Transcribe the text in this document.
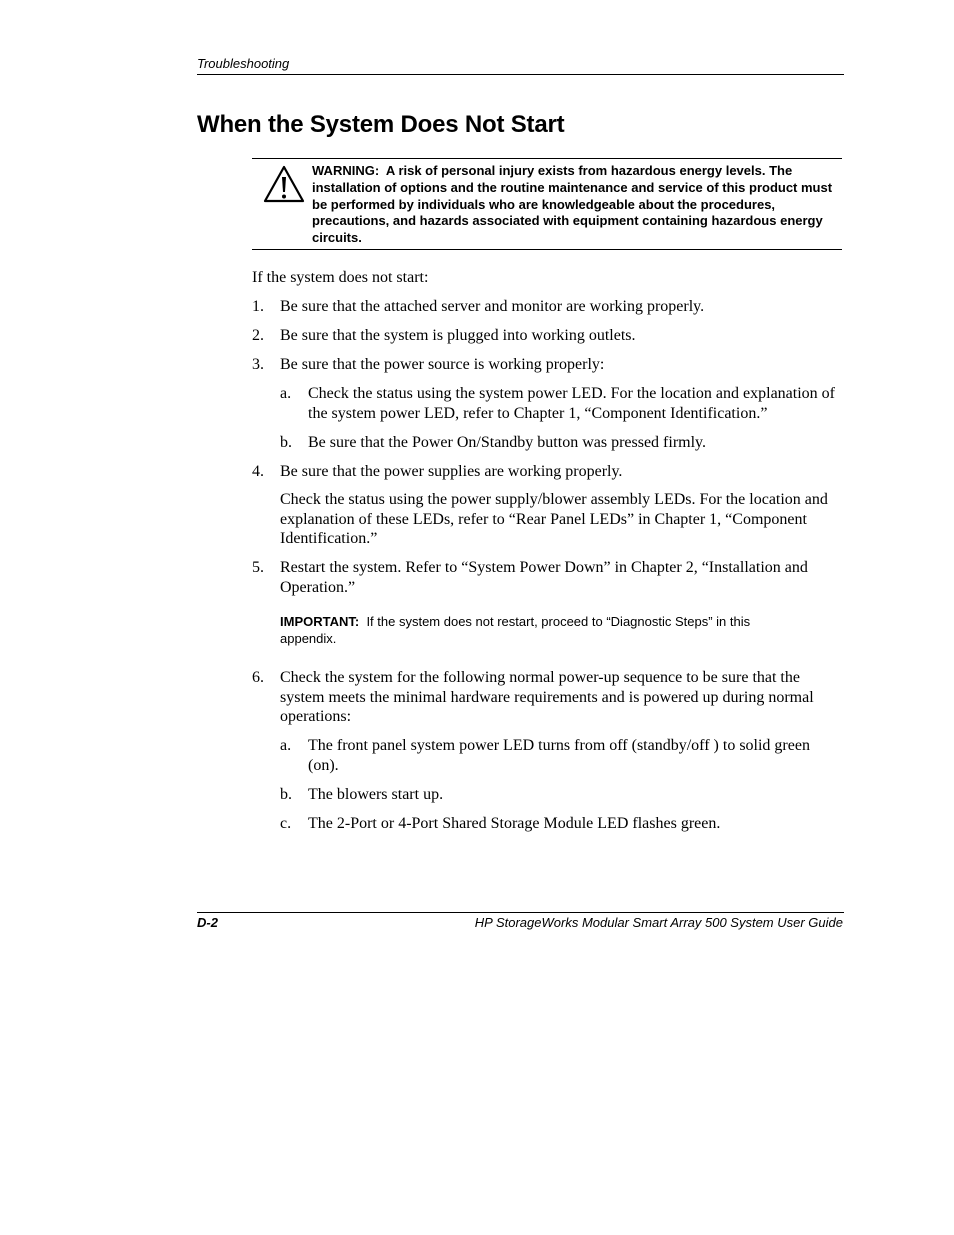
Troubleshooting
When the System Does Not Start
WARNING: A risk of personal injury exists from hazardous energy levels. The installation of options and the routine maintenance and service of this product must be performed by individuals who are knowledgeable about the procedures, precautions, and hazards associated with equipment containing hazardous energy circuits.

If the system does not start:

1.	Be sure that the attached server and monitor are working properly.
2.	Be sure that the system is plugged into working outlets.
3.	Be sure that the power source is working properly:
a.	Check the status using the system power LED. For the location and explanation of the system power LED, refer to Chapter 1, “Component Identification.”
b.	Be sure that the Power On/Standby button was pressed firmly.
4.	Be sure that the power supplies are working properly.

Check the status using the power supply/blower assembly LEDs. For the location and explanation of these LEDs, refer to “Rear Panel LEDs” in Chapter 1, “Component Identification.”

5.	Restart the system. Refer to “System Power Down” in Chapter 2, “Installation and Operation.”
IMPORTANT: If the system does not restart, proceed to “Diagnostic Steps” in this appendix.
6.	Check the system for the following normal power-up sequence to be sure that the system meets the minimal hardware requirements and is powered up during normal operations:
a.	The front panel system power LED turns from off (standby/off ) to solid green (on).
b.	The blowers start up.
c.	The 2-Port or 4-Port Shared Storage Module LED flashes green.
D-2	HP StorageWorks Modular Smart Array 500 System User Guide
